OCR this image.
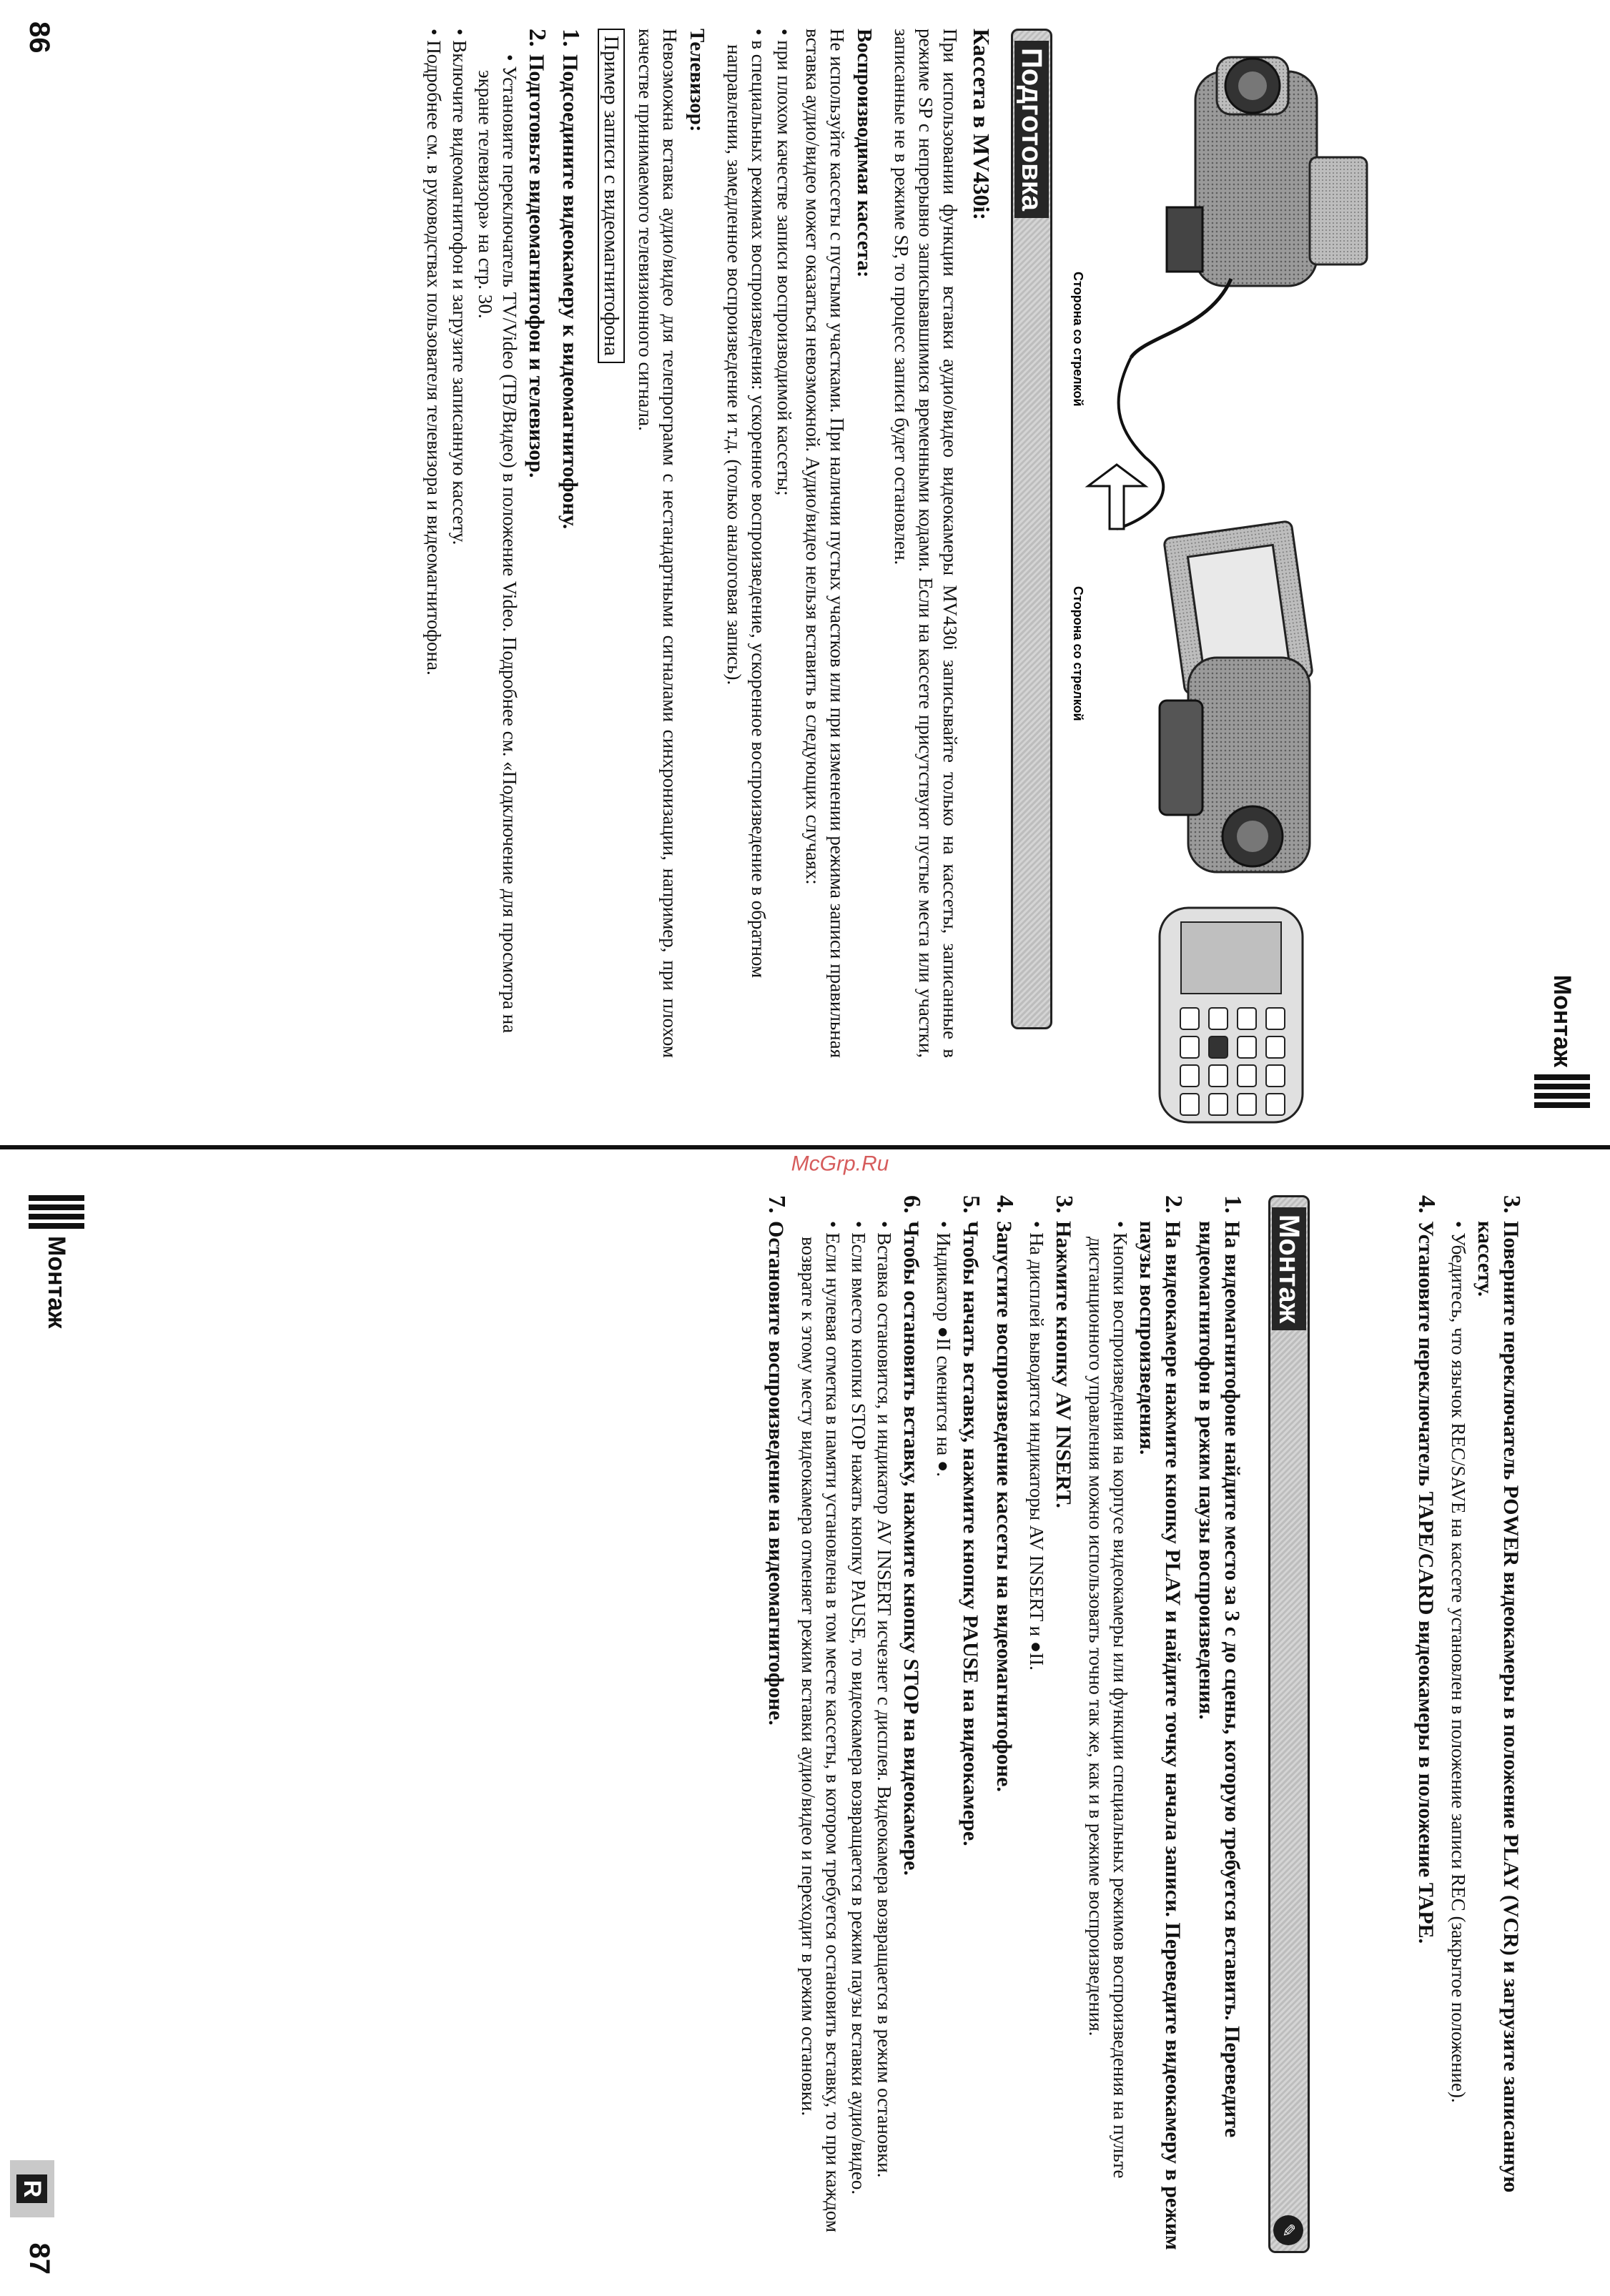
Монтаж
Сторона со стрелкой
Сторона со стрелкой
Подготовка
Кассета в MV430i:

При использовании функции вставки аудио/видео видеокамеры MV430i записывайте только на кассеты, записанные в режиме SP с непрерывно записывавшимися временными кодами. Если на кассете присутствуют пустые места или участки, записанные не в режиме SP, то процесс записи будет остановлен.

Воспроизводимая кассета:

Не используйте кассеты с пустыми участками. При наличии пустых участков или при изменении режима записи правильная вставка аудио/видео может оказаться невозможной. Аудио/видео нельзя вставить в следующих случаях:

• при плохом качестве записи воспроизводимой кассеты;
• в специальных режимах воспроизведения: ускоренное воспроизведение, ускоренное воспроизведение в обратном направлении, замедленное воспроизведение и т.д. (только аналоговая запись).
Телевизор:

Невозможна вставка аудио/видео для телепрограмм с нестандартными сигналами синхронизации, например, при плохом качестве принимаемого телевизионного сигнала.

Пример записи с видеомагнитофона
1.Подсоедините видеокамеру к видеомагнитофону.
2.Подготовьте видеомагнитофон и телевизор.
• Установите переключатель TV/Video (ТВ/Видео) в положение Video. Подробнее см. «Подключение для просмотра на экране телевизора» на стр. 30.
• Включите видеомагнитофон и загрузите записанную кассету.
• Подробнее см. в руководствах пользователя телевизора и видеомагнитофона.
86
3.Поверните переключатель POWER видеокамеры в положение PLAY (VCR) и загрузите записанную кассету.
• Убедитесь, что язычок REC/SAVE на кассете установлен в положение записи REC (закрытое положение).
4.Установите переключатель TAPE/CARD видеокамеры в положение TAPE.
Монтаж
✎
1.На видеомагнитофоне найдите место за 3 с до сцены, которую требуется вставить. Переведите видеомагнитофон в режим паузы воспроизведения.
2.На видеокамере нажмите кнопку PLAY и найдите точку начала записи. Переведите видеокамеру в режим паузы воспроизведения.
• Кнопки воспроизведения на корпусе видеокамеры или функции специальных режимов воспроизведения на пульте дистанционного управления можно использовать точно так же, как и в режиме воспроизведения.
3.Нажмите кнопку AV INSERT.
• На дисплей выводятся индикаторы AV INSERT и ●II.
4.Запустите воспроизведение кассеты на видеомагнитофоне.
5.Чтобы начать вставку, нажмите кнопку PAUSE на видеокамере.
• Индикатор ●II сменится на ●.
6.Чтобы остановить вставку, нажмите кнопку STOP на видеокамере.
• Вставка остановится, и индикатор AV INSERT исчезнет с дисплея. Видеокамера возвращается в режим остановки.
• Если вместо кнопки STOP нажать кнопку PAUSE, то видеокамера возвращается в режим паузы вставки аудио/видео.
• Если нулевая отметка в памяти установлена в том месте кассеты, в котором требуется остановить вставку, то при каждом возврате к этому месту видеокамера отменяет режим вставки аудио/видео и переходит в режим остановки.
7.Остановите воспроизведение на видеомагнитофоне.
Монтаж
87
R
McGrp.Ru
